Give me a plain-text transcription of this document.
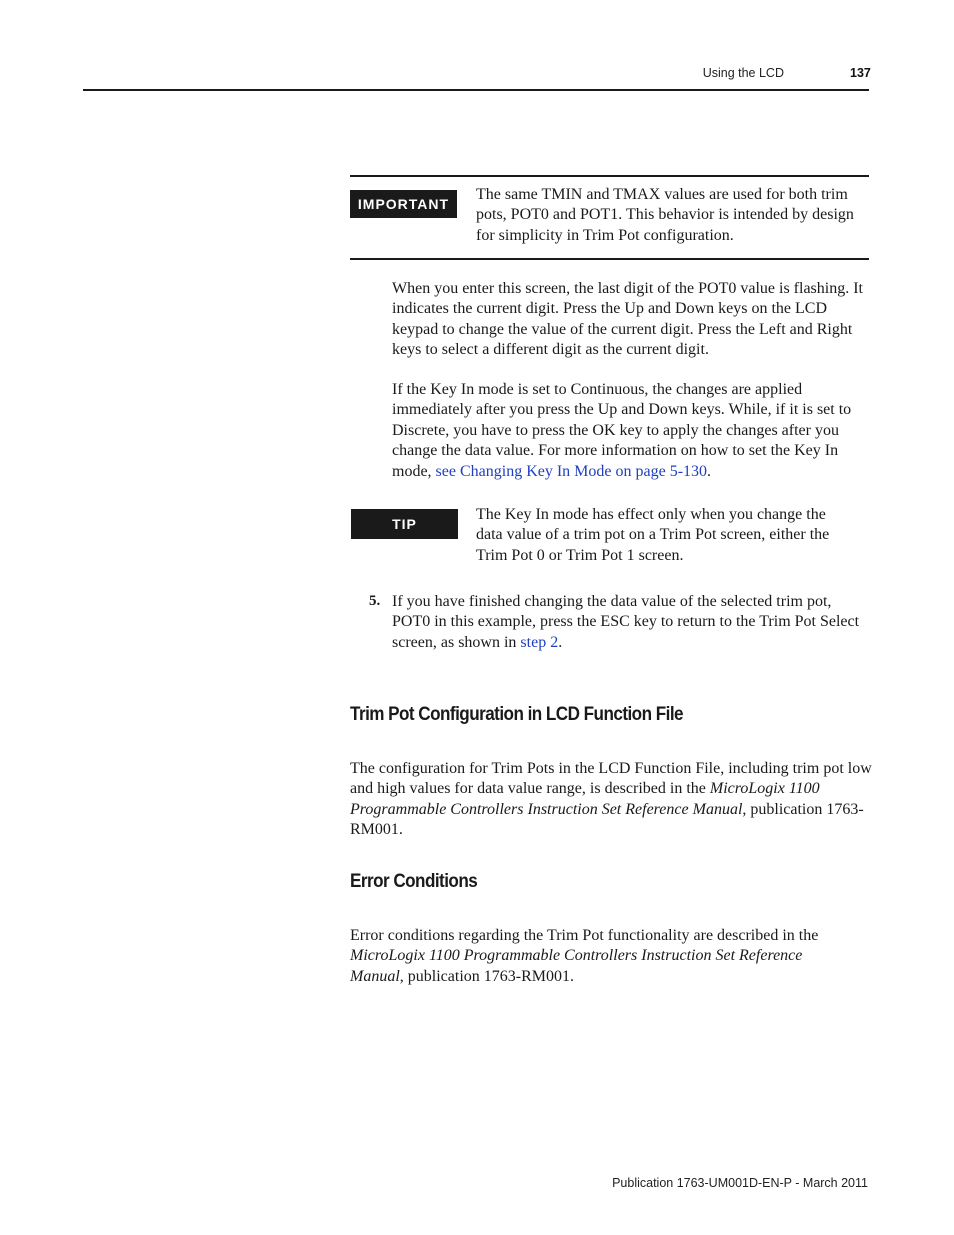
Using the LCD	137
IMPORTANT

The same TMIN and TMAX values are used for both trim pots, POT0 and POT1. This behavior is intended by design for simplicity in Trim Pot configuration.

When you enter this screen, the last digit of the POT0 value is flashing. It indicates the current digit. Press the Up and Down keys on the LCD keypad to change the value of the current digit. Press the Left and Right keys to select a different digit as the current digit.

If the Key In mode is set to Continuous, the changes are applied immediately after you press the Up and Down keys. While, if it is set to Discrete, you have to press the OK key to apply the changes after you change the data value. For more information on how to set the Key In mode, see Changing Key In Mode on page 5-130.

TIP

The Key In mode has effect only when you change the data value of a trim pot on a Trim Pot screen, either the Trim Pot 0 or Trim Pot 1 screen.

5. If you have finished changing the data value of the selected trim pot, POT0 in this example, press the ESC key to return to the Trim Pot Select screen, as shown in step 2.

Trim Pot Configuration in LCD Function File

The configuration for Trim Pots in the LCD Function File, including trim pot low and high values for data value range, is described in the MicroLogix 1100 Programmable Controllers Instruction Set Reference Manual, publication 1763-RM001.

Error Conditions

Error conditions regarding the Trim Pot functionality are described in the MicroLogix 1100 Programmable Controllers Instruction Set Reference Manual, publication 1763-RM001.

Publication 1763-UM001D-EN-P - March 2011
